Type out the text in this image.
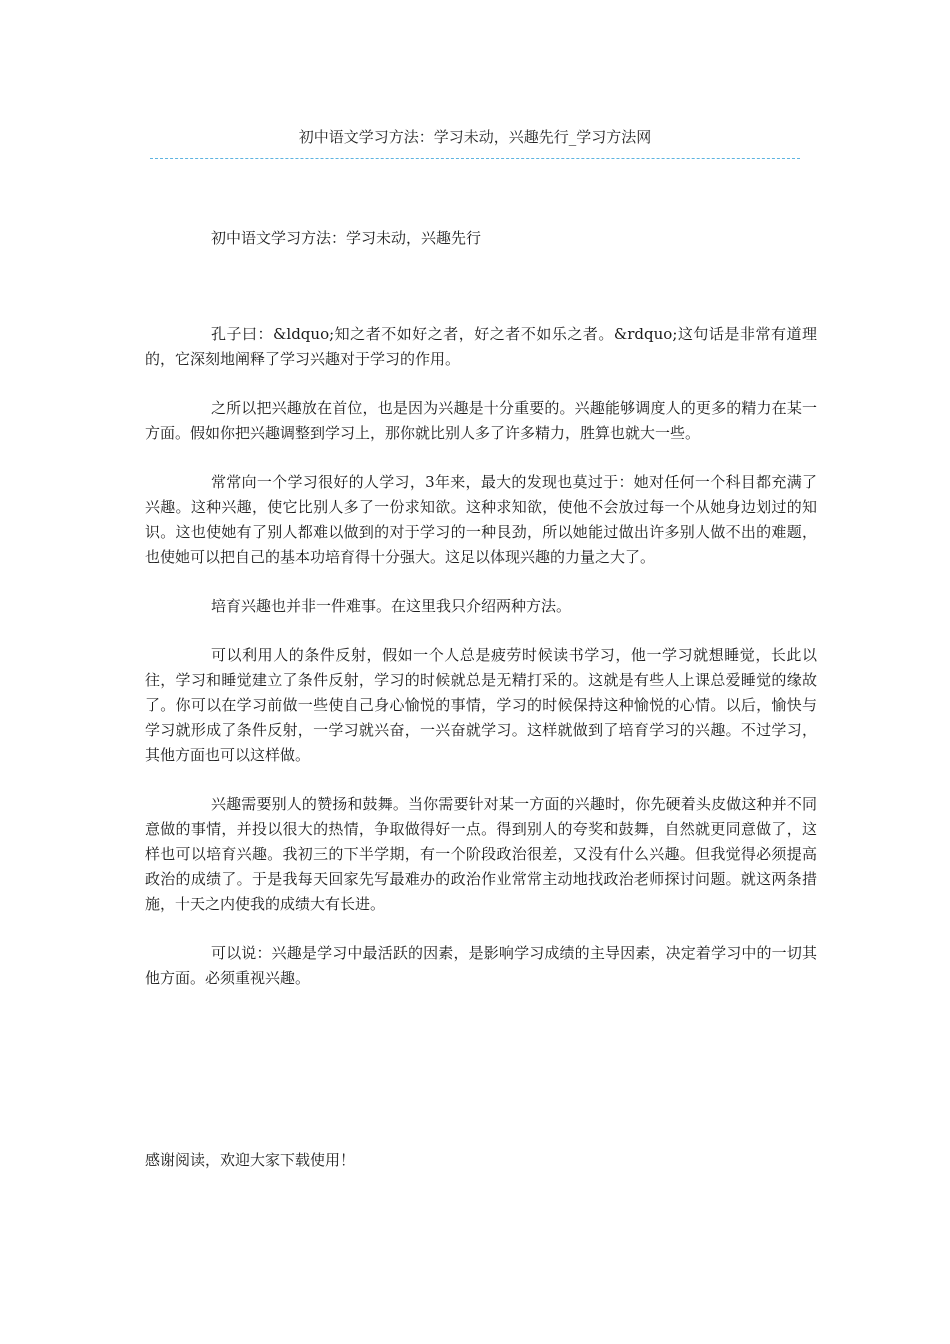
初中语文学习方法：学习未动，兴趣先行_学习方法网

初中语文学习方法：学习未动，兴趣先行

孔子曰：&ldquo;知之者不如好之者，好之者不如乐之者。&rdquo;这句话是非常有道理的，它深刻地阐释了学习兴趣对于学习的作用。

之所以把兴趣放在首位，也是因为兴趣是十分重要的。兴趣能够调度人的更多的精力在某一方面。假如你把兴趣调整到学习上，那你就比别人多了许多精力，胜算也就大一些。

常常向一个学习很好的人学习，3年来，最大的发现也莫过于：她对任何一个科目都充满了兴趣。这种兴趣，使它比别人多了一份求知欲。这种求知欲，使他不会放过每一个从她身边划过的知识。这也使她有了别人都难以做到的对于学习的一种艮劲，所以她能过做出许多别人做不出的难题，也使她可以把自己的基本功培育得十分强大。这足以体现兴趣的力量之大了。

培育兴趣也并非一件难事。在这里我只介绍两种方法。

可以利用人的条件反射，假如一个人总是疲劳时候读书学习，他一学习就想睡觉，长此以往，学习和睡觉建立了条件反射，学习的时候就总是无精打采的。这就是有些人上课总爱睡觉的缘故了。你可以在学习前做一些使自己身心愉悦的事情，学习的时候保持这种愉悦的心情。以后，愉快与学习就形成了条件反射，一学习就兴奋，一兴奋就学习。这样就做到了培育学习的兴趣。不过学习，其他方面也可以这样做。

兴趣需要别人的赞扬和鼓舞。当你需要针对某一方面的兴趣时，你先硬着头皮做这种并不同意做的事情，并投以很大的热情，争取做得好一点。得到别人的夸奖和鼓舞，自然就更同意做了，这样也可以培育兴趣。我初三的下半学期，有一个阶段政治很差，又没有什么兴趣。但我觉得必须提高政治的成绩了。于是我每天回家先写最难办的政治作业常常主动地找政治老师探讨问题。就这两条措施，十天之内使我的成绩大有长进。

可以说：兴趣是学习中最活跃的因素，是影响学习成绩的主导因素，决定着学习中的一切其他方面。必须重视兴趣。

感谢阅读，欢迎大家下载使用！
